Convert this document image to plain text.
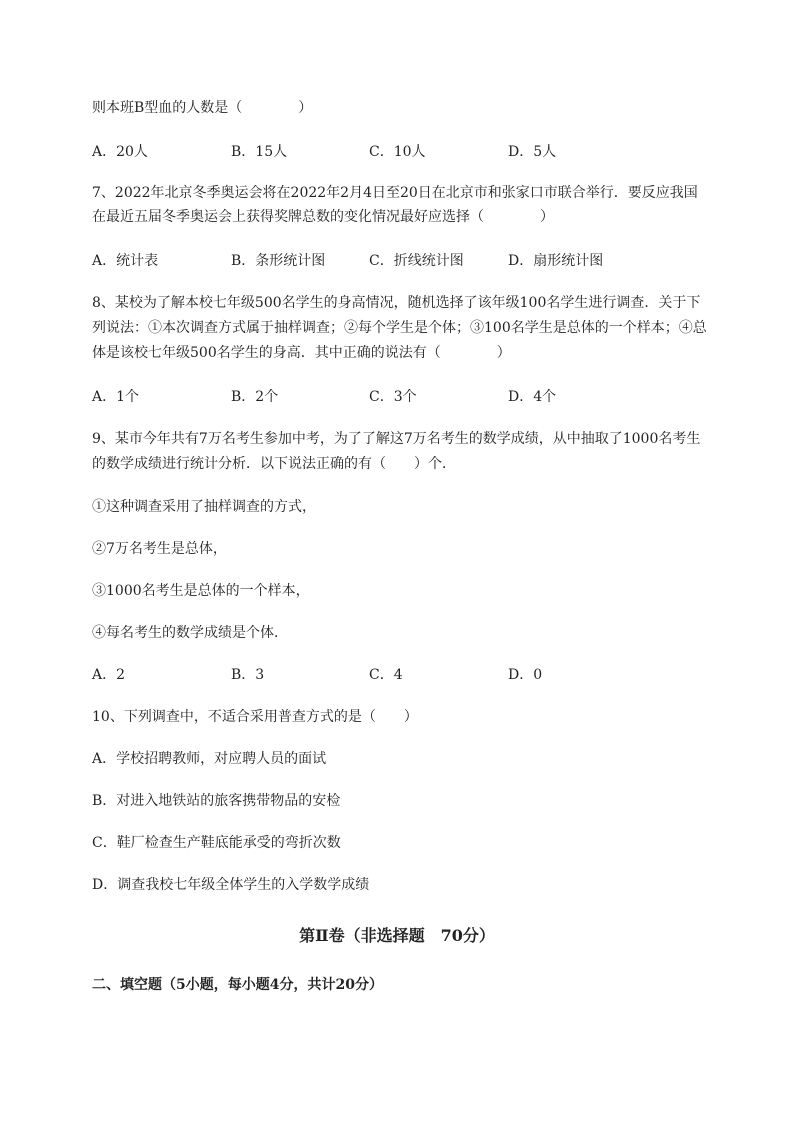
则本班B型血的人数是（　　　　）
A．20人	B．15人	C．10人	D．5人
7、2022年北京冬季奥运会将在2022年2月4日至20日在北京市和张家口市联合举行．要反应我国
在最近五届冬季奥运会上获得奖牌总数的变化情况最好应选择（　　　　）
A．统计表	B．条形统计图	C．折线统计图	D．扇形统计图
8、某校为了解本校七年级500名学生的身高情况，随机选择了该年级100名学生进行调查．关于下
列说法：①本次调查方式属于抽样调查；②每个学生是个体；③100名学生是总体的一个样本；④总
体是该校七年级500名学生的身高．其中正确的说法有（　　　　）
A．1个	B．2个	C．3个	D．4个
9、某市今年共有7万名考生参加中考，为了了解这7万名考生的数学成绩，从中抽取了1000名考生
的数学成绩进行统计分析．以下说法正确的有（　　）个．
①这种调查采用了抽样调查的方式，
②7万名考生是总体，
③1000名考生是总体的一个样本，
④每名考生的数学成绩是个体．
A．2	B．3	C．4	D．0
10、下列调查中，不适合采用普查方式的是（　　）
A．学校招聘教师，对应聘人员的面试
B．对进入地铁站的旅客携带物品的安检
C．鞋厂检查生产鞋底能承受的弯折次数
D．调查我校七年级全体学生的入学数学成绩
第Ⅱ卷（非选择题　70分）
二、填空题（5小题，每小题4分，共计20分）
